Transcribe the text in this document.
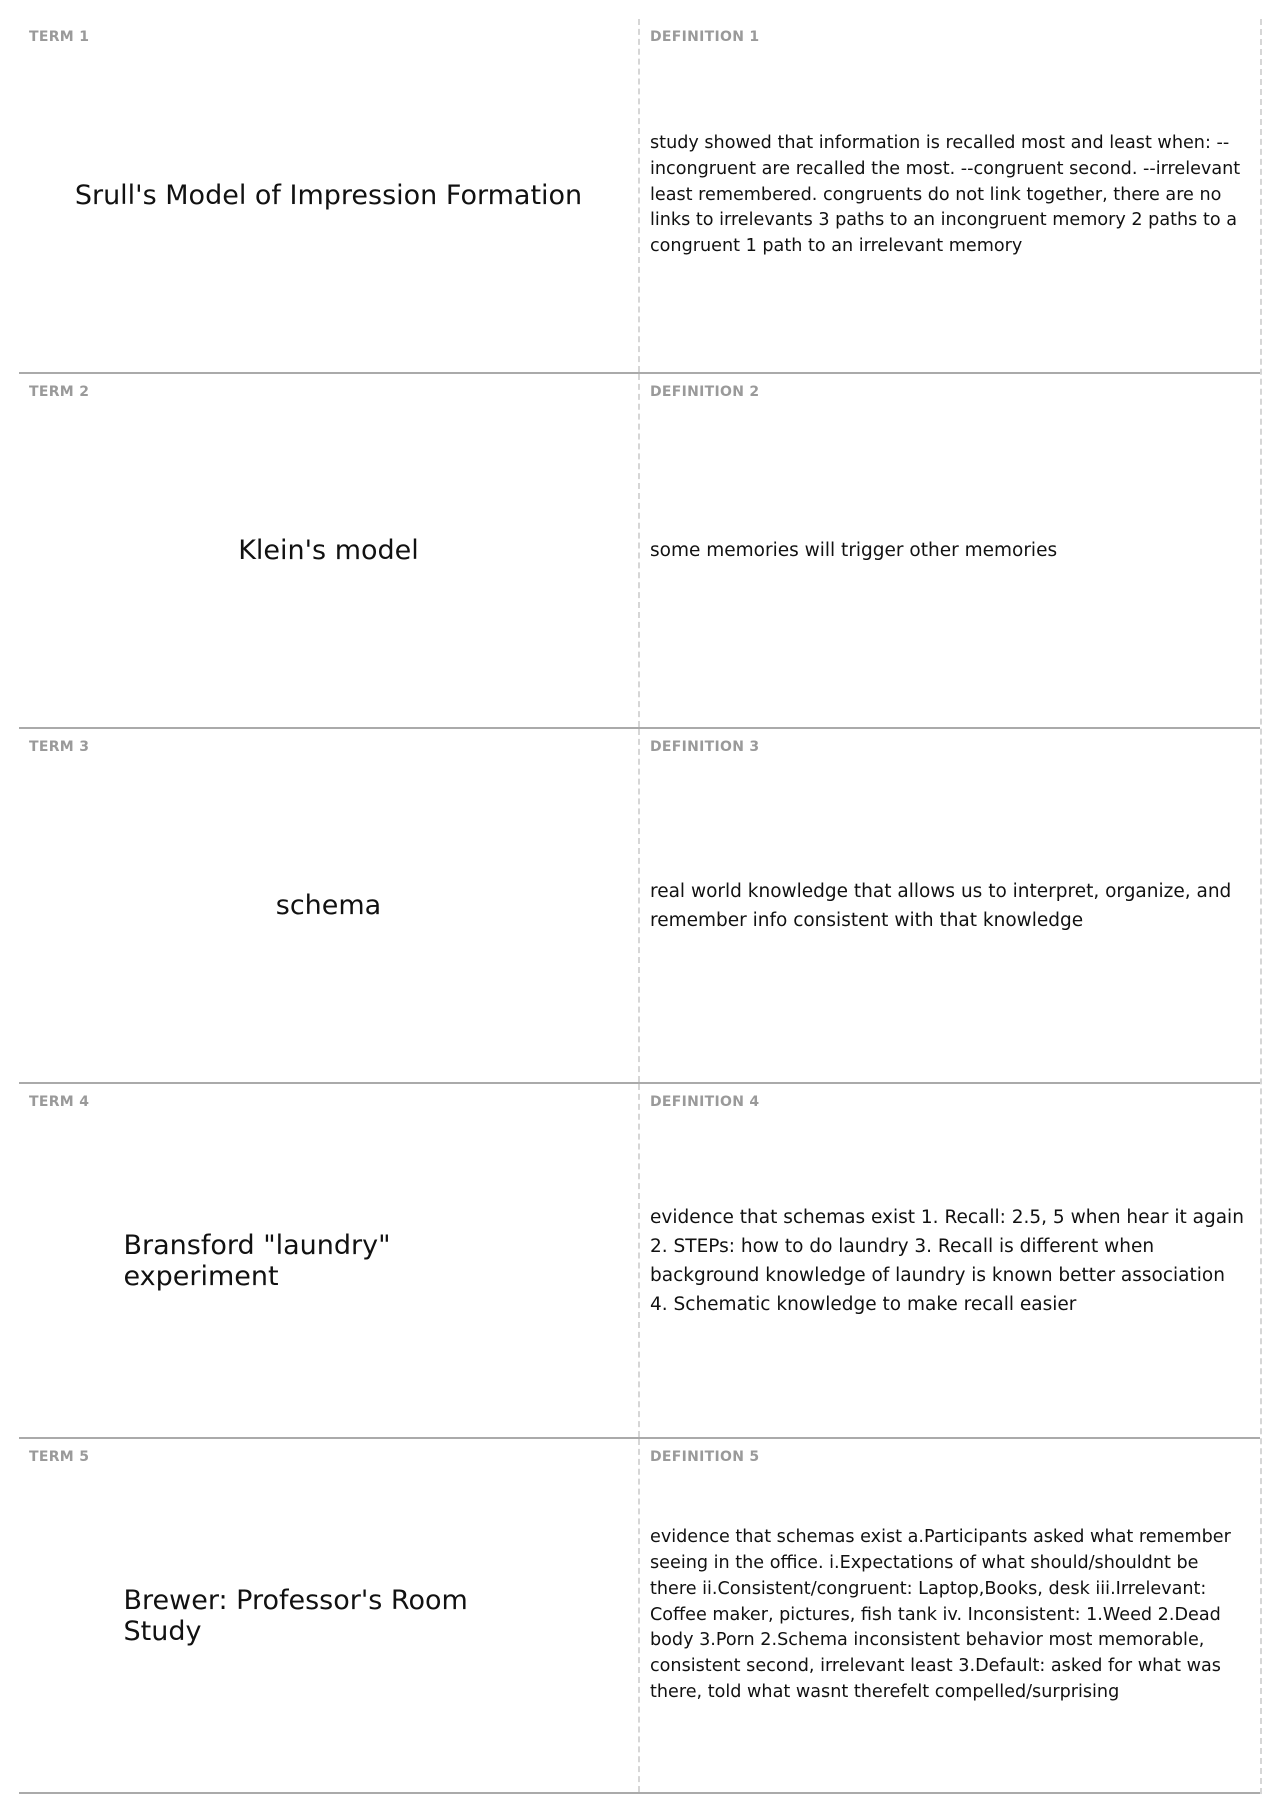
TERM 1
Srull's Model of Impression Formation
DEFINITION 1
study showed that information is recalled most and least when: --incongruent are recalled the most. --congruent second. --irrelevant least remembered. congruents do not link together, there are no links to irrelevants 3 paths to an incongruent memory 2 paths to a congruent 1 path to an irrelevant memory
TERM 2
Klein's model
DEFINITION 2
some memories will trigger other memories
TERM 3
schema
DEFINITION 3
real world knowledge that allows us to interpret, organize, and remember info consistent with that knowledge
TERM 4
Bransford "laundry" experiment
DEFINITION 4
evidence that schemas exist 1. Recall: 2.5, 5 when hear it again 2. STEPs: how to do laundry 3. Recall is different when background knowledge of laundry is known better association 4. Schematic knowledge to make recall easier
TERM 5
Brewer: Professor's Room Study
DEFINITION 5
evidence that schemas exist a.Participants asked what remember seeing in the office. i.Expectations of what should/shouldnt be there ii.Consistent/congruent: Laptop,Books, desk iii.Irrelevant: Coffee maker, pictures, fish tank iv. Inconsistent: 1.Weed 2.Dead body 3.Porn 2.Schema inconsistent behavior most memorable, consistent second, irrelevant least 3.Default: asked for what was there, told what wasnt therefelt compelled/surprising
